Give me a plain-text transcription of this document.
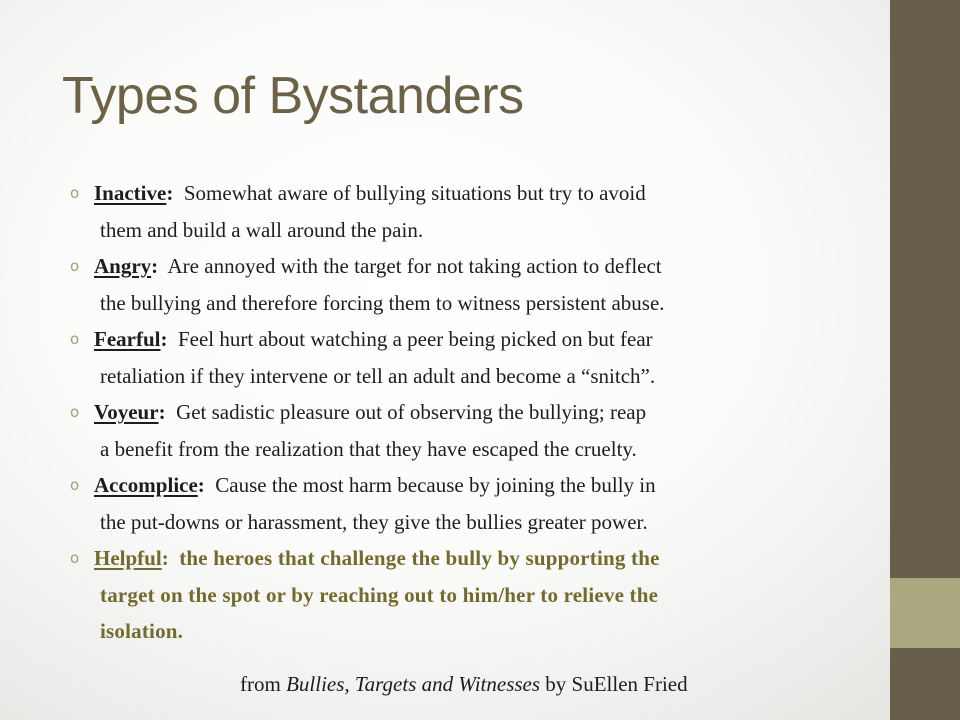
Types of Bystanders
o Inactive: Somewhat aware of bullying situations but try to avoid
them and build a wall around the pain.
o Angry: Are annoyed with the target for not taking action to deflect
the bullying and therefore forcing them to witness persistent abuse.
o Fearful: Feel hurt about watching a peer being picked on but fear
retaliation if they intervene or tell an adult and become a “snitch”.
o Voyeur: Get sadistic pleasure out of observing the bullying; reap
a benefit from the realization that they have escaped the cruelty.
o Accomplice: Cause the most harm because by joining the bully in
the put-downs or harassment, they give the bullies greater power.
o Helpful: the heroes that challenge the bully by supporting the
target on the spot or by reaching out to him/her to relieve the
isolation.
from Bullies, Targets and Witnesses by SuEllen Fried
